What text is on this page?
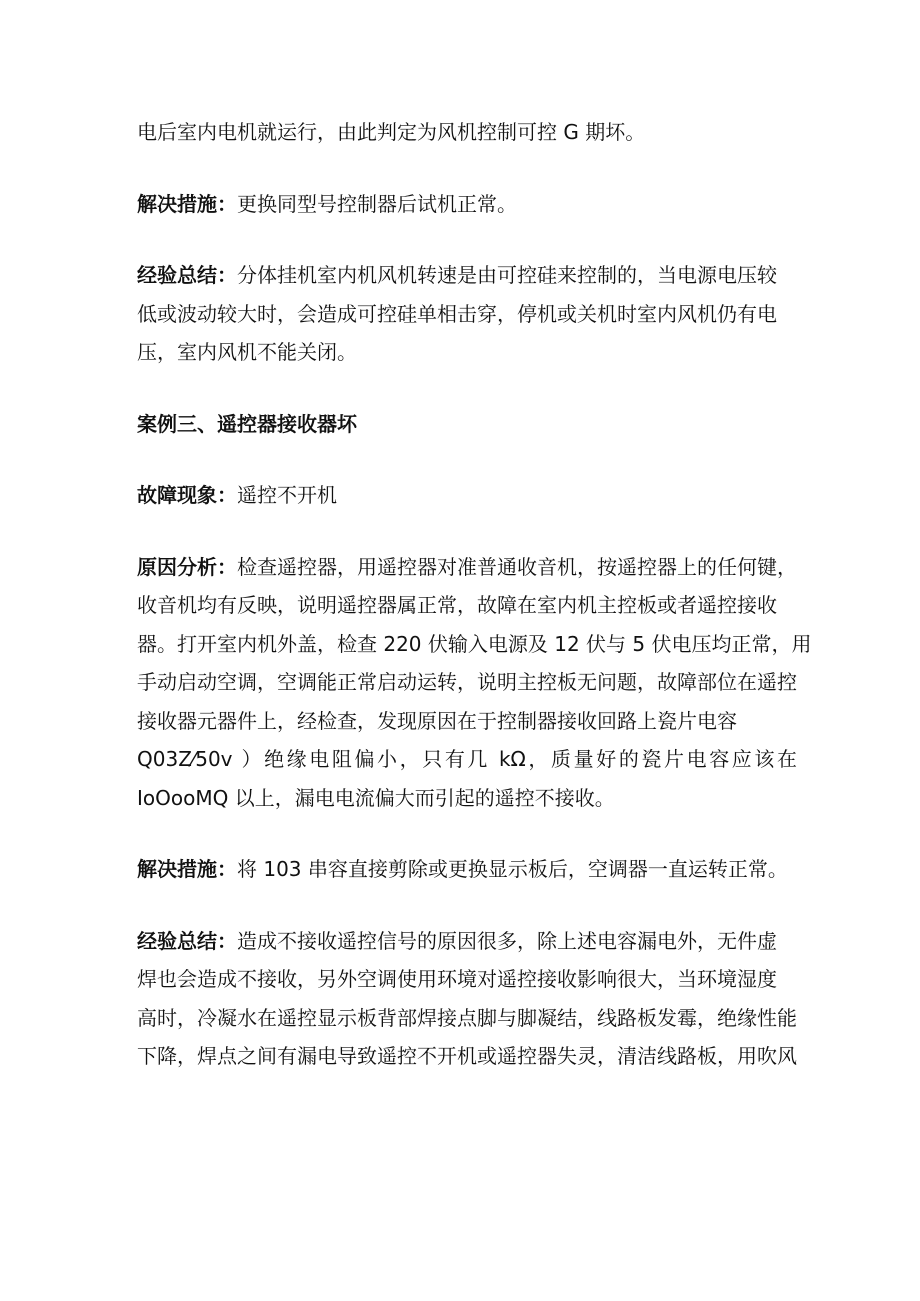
电后室内电机就运行，由此判定为风机控制可控 G 期坏。

解决措施：更换同型号控制器后试机正常。

经验总结：分体挂机室内机风机转速是由可控硅来控制的，当电源电压较
低或波动较大时，会造成可控硅单相击穿，停机或关机时室内风机仍有电
压，室内风机不能关闭。

案例三、遥控器接收器坏

故障现象：遥控不开机

原因分析：检查遥控器，用遥控器对准普通收音机，按遥控器上的任何键，
收音机均有反映，说明遥控器属正常，故障在室内机主控板或者遥控接收
器。打开室内机外盖，检查 220 伏输入电源及 12 伏与 5 伏电压均正常，用
手动启动空调，空调能正常启动运转，说明主控板无问题，故障部位在遥控
接收器元器件上，经检查，发现原因在于控制器接收回路上瓷片电容
Q03Z⁄50v ）绝缘电阻偏小，只有几 kΩ，质量好的瓷片电容应该在
IoOooMQ 以上，漏电电流偏大而引起的遥控不接收。

解决措施：将 103 串容直接剪除或更换显示板后，空调器一直运转正常。

经验总结：造成不接收遥控信号的原因很多，除上述电容漏电外，无件虚
焊也会造成不接收，另外空调使用环境对遥控接收影响很大，当环境湿度
高时，冷凝水在遥控显示板背部焊接点脚与脚凝结，线路板发霉，绝缘性能
下降，焊点之间有漏电导致遥控不开机或遥控器失灵，清洁线路板，用吹风
